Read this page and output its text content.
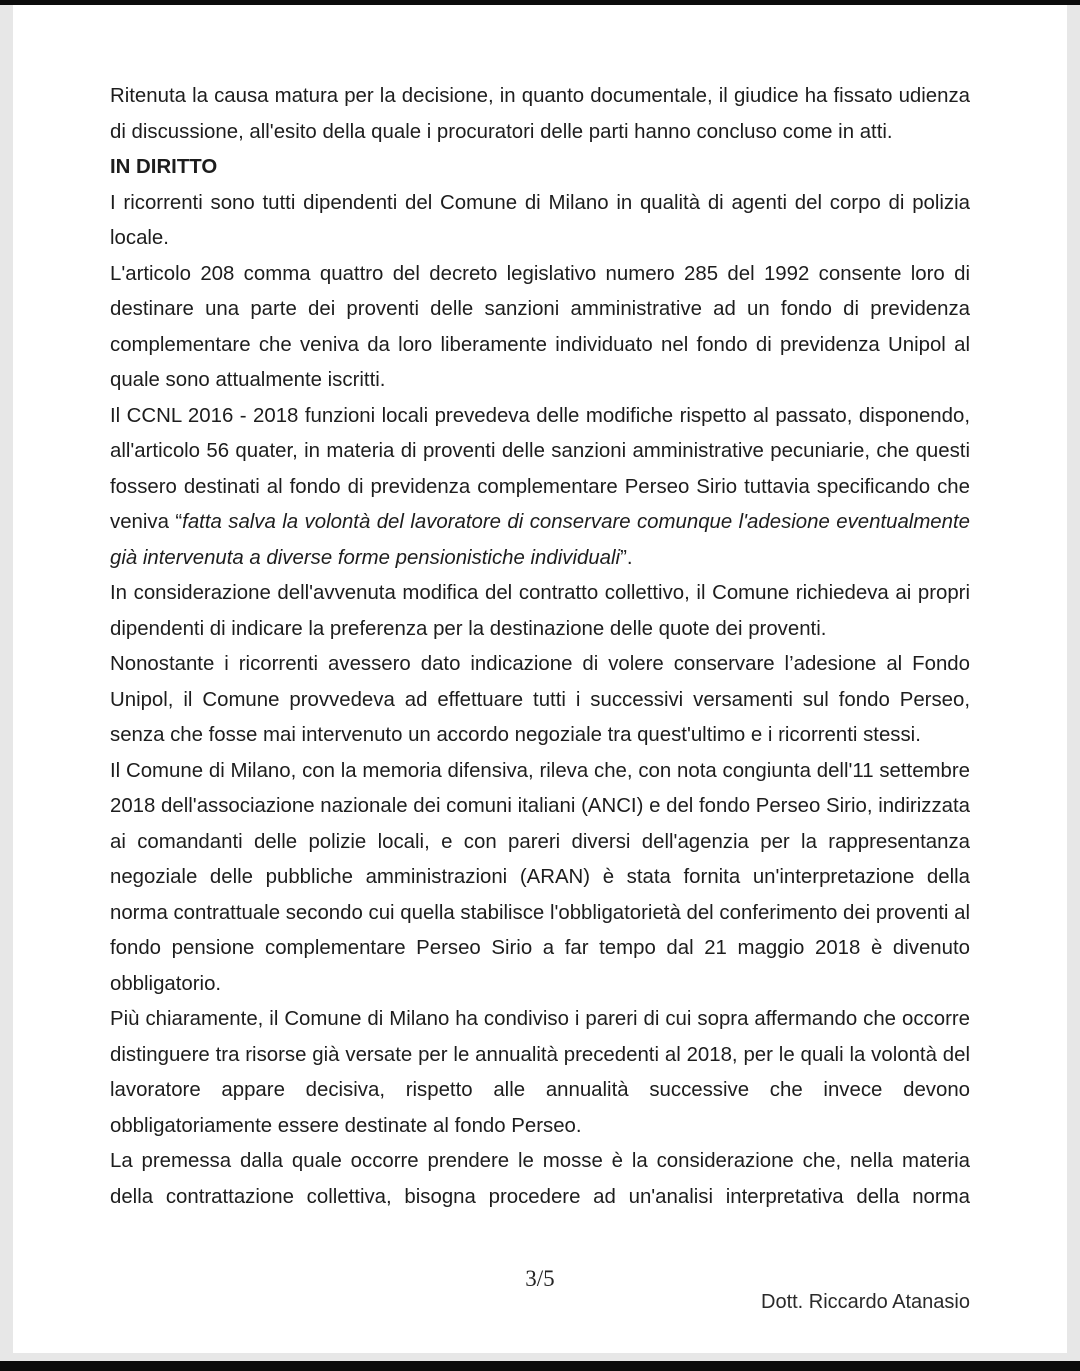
Ritenuta la causa matura per la decisione, in quanto documentale, il giudice ha fissato udienza di discussione, all'esito della quale i procuratori delle parti hanno concluso come in atti.

IN DIRITTO

I ricorrenti sono tutti dipendenti del Comune di Milano in qualità di agenti del corpo di polizia locale.

L'articolo 208 comma quattro del decreto legislativo numero 285 del 1992 consente loro di destinare una parte dei proventi delle sanzioni amministrative ad un fondo di previdenza complementare che veniva da loro liberamente individuato nel fondo di previdenza Unipol al quale sono attualmente iscritti.

Il CCNL 2016 - 2018 funzioni locali prevedeva delle modifiche rispetto al passato, disponendo, all'articolo 56 quater, in materia di proventi delle sanzioni amministrative pecuniarie, che questi fossero destinati al fondo di previdenza complementare Perseo Sirio tuttavia specificando che veniva “fatta salva la volontà del lavoratore di conservare comunque l'adesione eventualmente già intervenuta a diverse forme pensionistiche individuali”.

In considerazione dell'avvenuta modifica del contratto collettivo, il Comune richiedeva ai propri dipendenti di indicare la preferenza per la destinazione delle quote dei proventi.

Nonostante i ricorrenti avessero dato indicazione di volere conservare l’adesione al Fondo Unipol, il Comune provvedeva ad effettuare tutti i successivi versamenti sul fondo Perseo, senza che fosse mai intervenuto un accordo negoziale tra quest'ultimo e i ricorrenti stessi.

Il Comune di Milano, con la memoria difensiva, rileva che, con nota congiunta dell'11 settembre 2018 dell'associazione nazionale dei comuni italiani (ANCI) e del fondo Perseo Sirio, indirizzata ai comandanti delle polizie locali, e con pareri diversi dell'agenzia per la rappresentanza negoziale delle pubbliche amministrazioni (ARAN) è stata fornita un'interpretazione della norma contrattuale secondo cui quella stabilisce l'obbligatorietà del conferimento dei proventi al fondo pensione complementare Perseo Sirio a far tempo dal 21 maggio 2018 è divenuto obbligatorio.

Più chiaramente, il Comune di Milano ha condiviso i pareri di cui sopra affermando che occorre distinguere tra risorse già versate per le annualità precedenti al 2018, per le quali la volontà del lavoratore appare decisiva, rispetto alle annualità successive che invece devono obbligatoriamente essere destinate al fondo Perseo.

La premessa dalla quale occorre prendere le mosse è la considerazione che, nella materia della contrattazione collettiva, bisogna procedere ad un'analisi interpretativa della norma

3/5
Dott. Riccardo Atanasio
